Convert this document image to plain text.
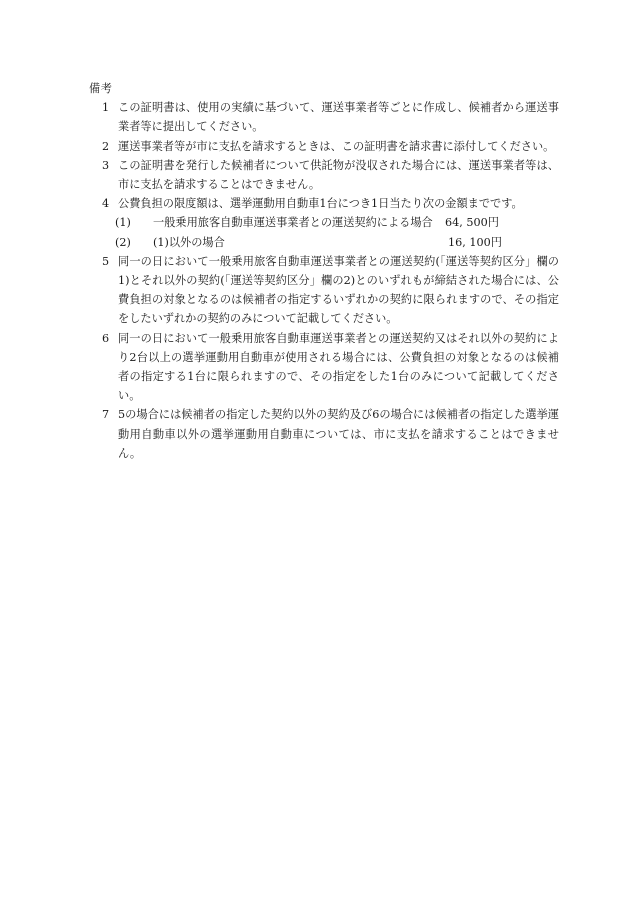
備考

1 この証明書は、使用の実績に基づいて、運送事業者等ごとに作成し、候補者から運送事業者等に提出してください。

2 運送事業者等が市に支払を請求するときは、この証明書を請求書に添付してください。

3 この証明書を発行した候補者について供託物が没収された場合には、運送事業者等は、市に支払を請求することはできません。

4 公費負担の限度額は、選挙運動用自動車1台につき1日当たり次の金額までです。

(1) 一般乗用旅客自動車運送事業者との運送契約による場合 64, 500円

(2) (1)以外の場合	16, 100円

5 同一の日において一般乗用旅客自動車運送事業者との運送契約(「運送等契約区分」欄の1)とそれ以外の契約(「運送等契約区分」欄の2)とのいずれもが締結された場合には、公費負担の対象となるのは候補者の指定するいずれかの契約に限られますので、その指定をしたいずれかの契約のみについて記載してください。

6 同一の日において一般乗用旅客自動車運送事業者との運送契約又はそれ以外の契約により2台以上の選挙運動用自動車が使用される場合には、公費負担の対象となるのは候補者の指定する1台に限られますので、その指定をした1台のみについて記載してください。

7 5の場合には候補者の指定した契約以外の契約及び6の場合には候補者の指定した選挙運動用自動車以外の選挙運動用自動車については、市に支払を請求することはできません。
